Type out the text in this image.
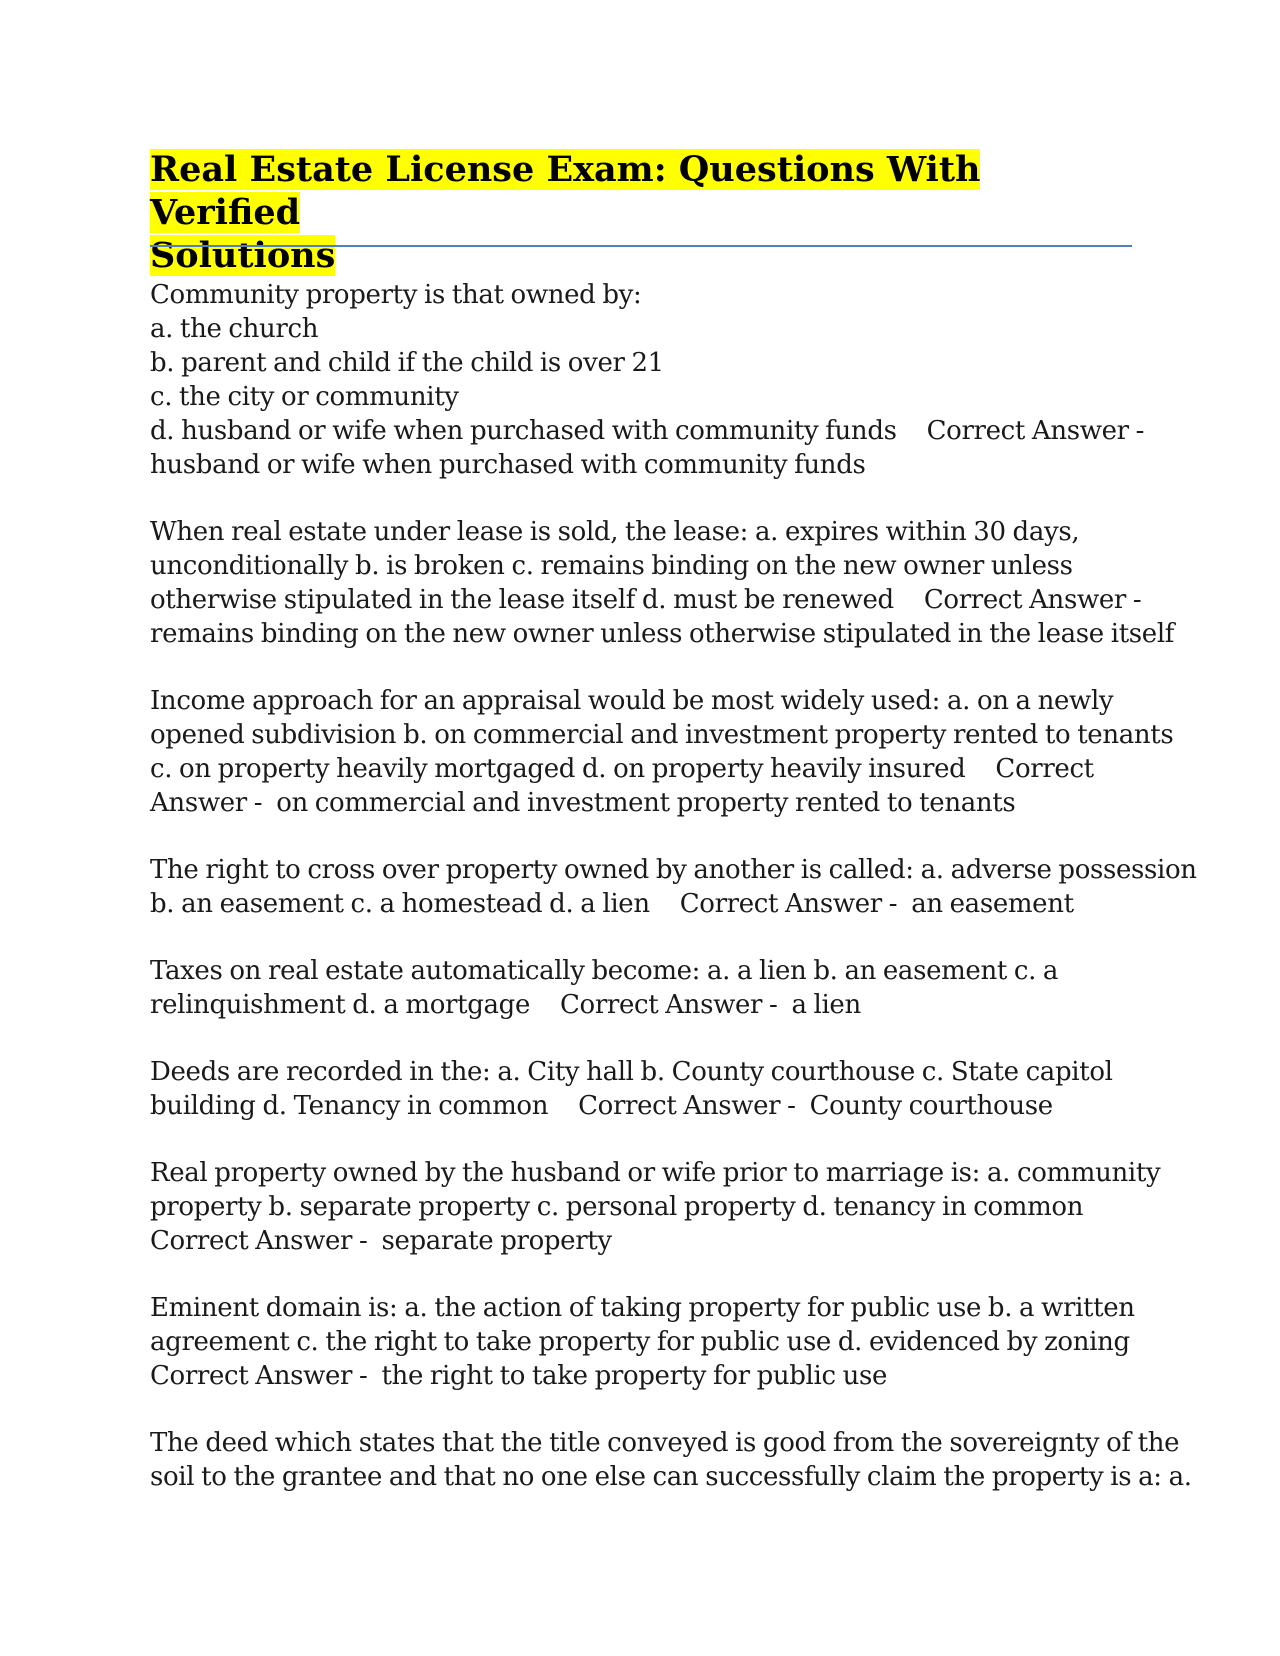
Real Estate License Exam: Questions With Verified
Solutions

Community property is that owned by:
a. the church
b. parent and child if the child is over 21
c. the city or community
d. husband or wife when purchased with community funds Correct Answer -
husband or wife when purchased with community funds

When real estate under lease is sold, the lease: a. expires within 30 days,
unconditionally b. is broken c. remains binding on the new owner unless
otherwise stipulated in the lease itself d. must be renewed Correct Answer -
remains binding on the new owner unless otherwise stipulated in the lease itself

Income approach for an appraisal would be most widely used: a. on a newly
opened subdivision b. on commercial and investment property rented to tenants
c. on property heavily mortgaged d. on property heavily insured Correct
Answer - on commercial and investment property rented to tenants

The right to cross over property owned by another is called: a. adverse possession
b. an easement c. a homestead d. a lien Correct Answer - an easement

Taxes on real estate automatically become: a. a lien b. an easement c. a
relinquishment d. a mortgage Correct Answer - a lien

Deeds are recorded in the: a. City hall b. County courthouse c. State capitol
building d. Tenancy in common Correct Answer - County courthouse

Real property owned by the husband or wife prior to marriage is: a. community
property b. separate property c. personal property d. tenancy in common
Correct Answer - separate property

Eminent domain is: a. the action of taking property for public use b. a written
agreement c. the right to take property for public use d. evidenced by zoning
Correct Answer - the right to take property for public use

The deed which states that the title conveyed is good from the sovereignty of the
soil to the grantee and that no one else can successfully claim the property is a: a.
